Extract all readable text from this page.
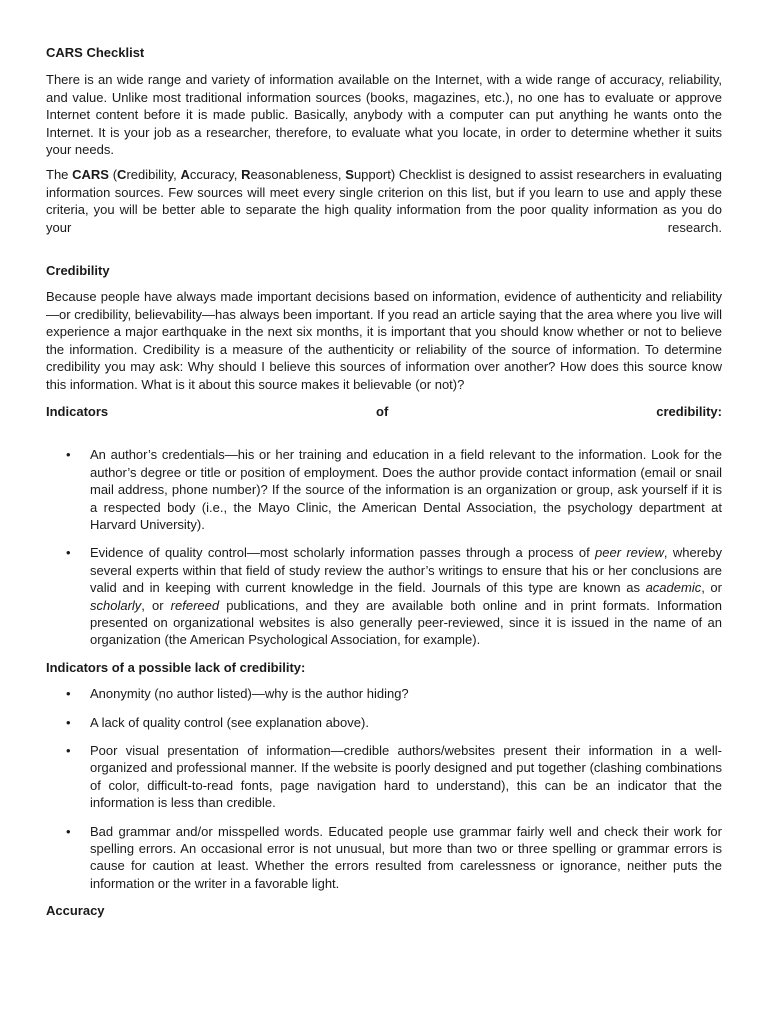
CARS Checklist

There is an wide range and variety of information available on the Internet, with a wide range of accuracy, reliability, and value. Unlike most traditional information sources (books, magazines, etc.), no one has to evaluate or approve Internet content before it is made public. Basically, anybody with a computer can put anything he wants onto the Internet. It is your job as a researcher, therefore, to evaluate what you locate, in order to determine whether it suits your needs.

The CARS (Credibility, Accuracy, Reasonableness, Support) Checklist is designed to assist researchers in evaluating information sources. Few sources will meet every single criterion on this list, but if you learn to use and apply these criteria, you will be better able to separate the high quality information from the poor quality information as you do your research.

Credibility

Because people have always made important decisions based on information, evidence of authenticity and reliability—or credibility, believability—has always been important. If you read an article saying that the area where you live will experience a major earthquake in the next six months, it is important that you should know whether or not to believe the information. Credibility is a measure of the authenticity or reliability of the source of information. To determine credibility you may ask: Why should I believe this sources of information over another? How does this source know this information. What is it about this source makes it believable (or not)?

Indicators	of	credibility:
• An author’s credentials—his or her training and education in a field relevant to the information. Look for the author’s degree or title or position of employment. Does the author provide contact information (email or snail mail address, phone number)? If the source of the information is an organization or group, ask yourself if it is a respected body (i.e., the Mayo Clinic, the American Dental Association, the psychology department at Harvard University).
• Evidence of quality control—most scholarly information passes through a process of peer review, whereby several experts within that field of study review the author’s writings to ensure that his or her conclusions are valid and in keeping with current knowledge in the field. Journals of this type are known as academic, or scholarly, or refereed publications, and they are available both online and in print formats. Information presented on organizational websites is also generally peer-reviewed, since it is issued in the name of an organization (the American Psychological Association, for example).
Indicators of a possible lack of credibility:
• Anonymity (no author listed)—why is the author hiding?
• A lack of quality control (see explanation above).
• Poor visual presentation of information—credible authors/websites present their information in a well-organized and professional manner. If the website is poorly designed and put together (clashing combinations of color, difficult-to-read fonts, page navigation hard to understand), this can be an indicator that the information is less than credible.
• Bad grammar and/or misspelled words. Educated people use grammar fairly well and check their work for spelling errors. An occasional error is not unusual, but more than two or three spelling or grammar errors is cause for caution at least. Whether the errors resulted from carelessness or ignorance, neither puts the information or the writer in a favorable light.
Accuracy
